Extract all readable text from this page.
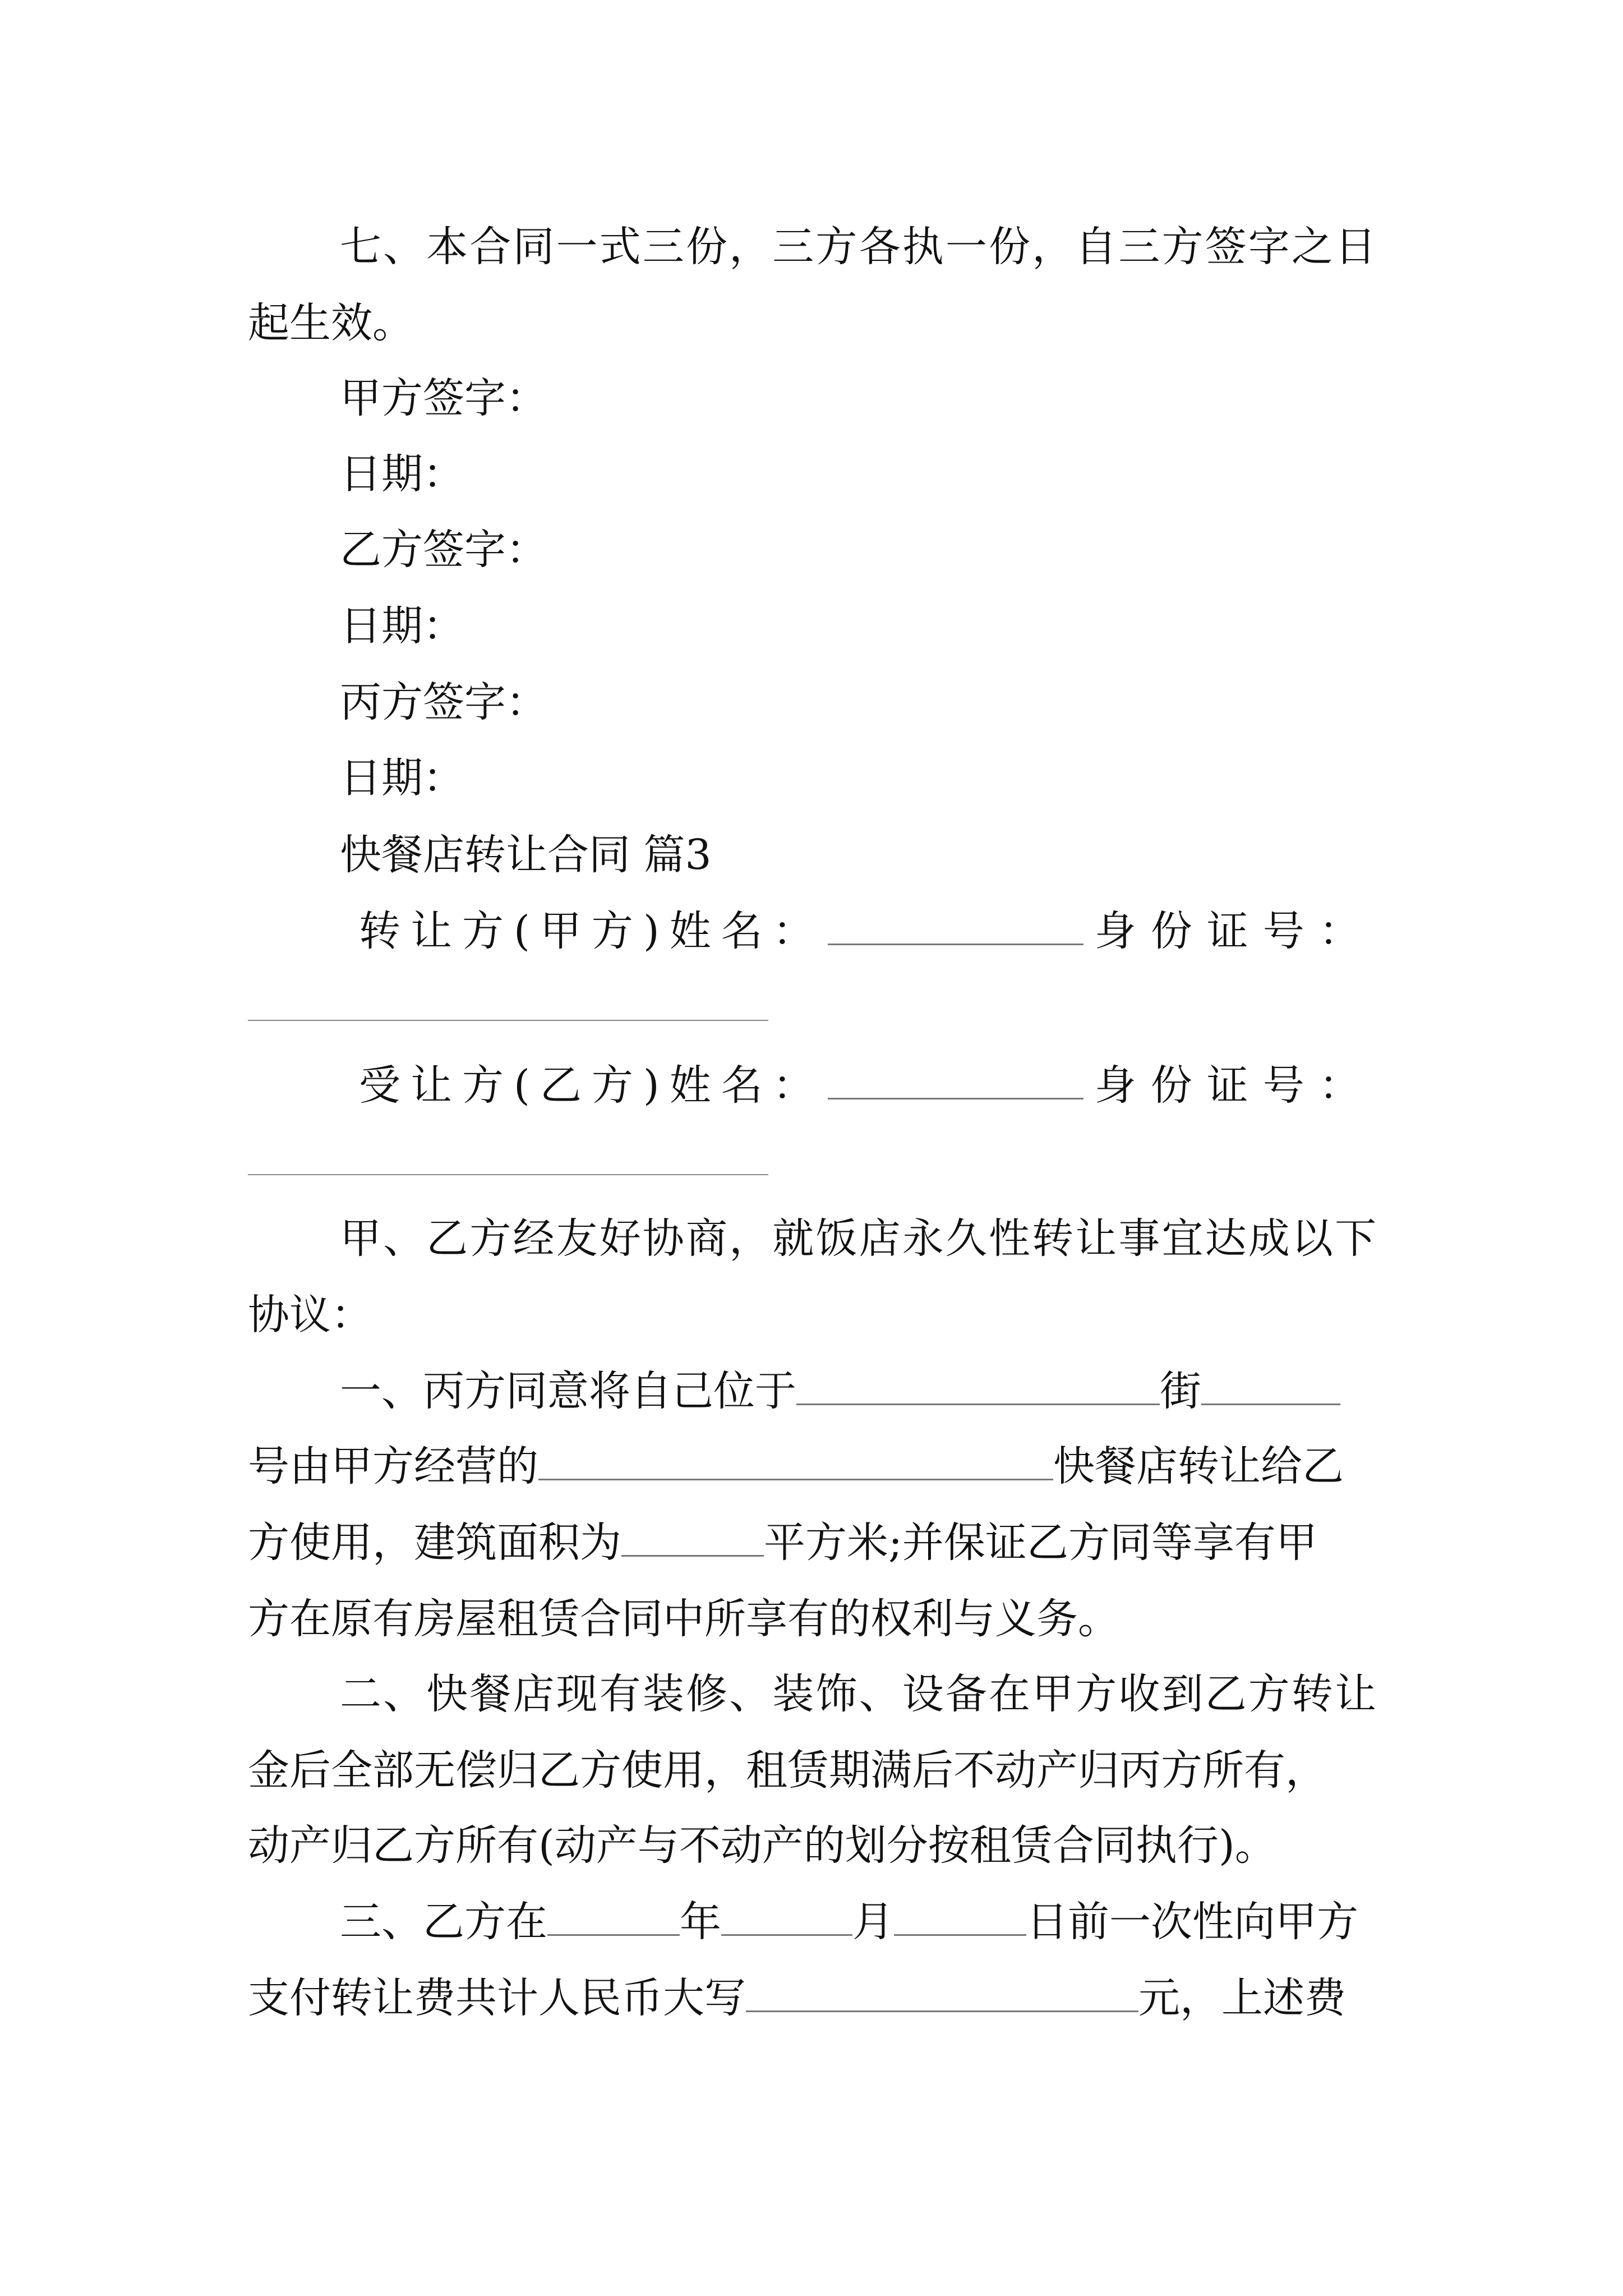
七、本合同一式三份，三方各执一份，自三方签字之日
起生效。
甲方签字：
日期：
乙方签字：
日期：
丙方签字：
日期：
快餐店转让合同 篇3
转让方(甲方)姓名：	身份证号：
受让方(乙方)姓名：	身份证号：
甲、乙方经友好协商，就饭店永久性转让事宜达成以下
协议：
一、丙方同意将自己位于	街
号由甲方经营的	快餐店转让给乙
方使用，建筑面积为	平方米;并保证乙方同等享有甲
方在原有房屋租赁合同中所享有的权利与义务。
二、快餐店现有装修、装饰、设备在甲方收到乙方转让
金后全部无偿归乙方使用，租赁期满后不动产归丙方所有，
动产归乙方所有(动产与不动产的划分按租赁合同执行)。
三、乙方在	年	月	日前一次性向甲方
支付转让费共计人民币大写	元，上述费
